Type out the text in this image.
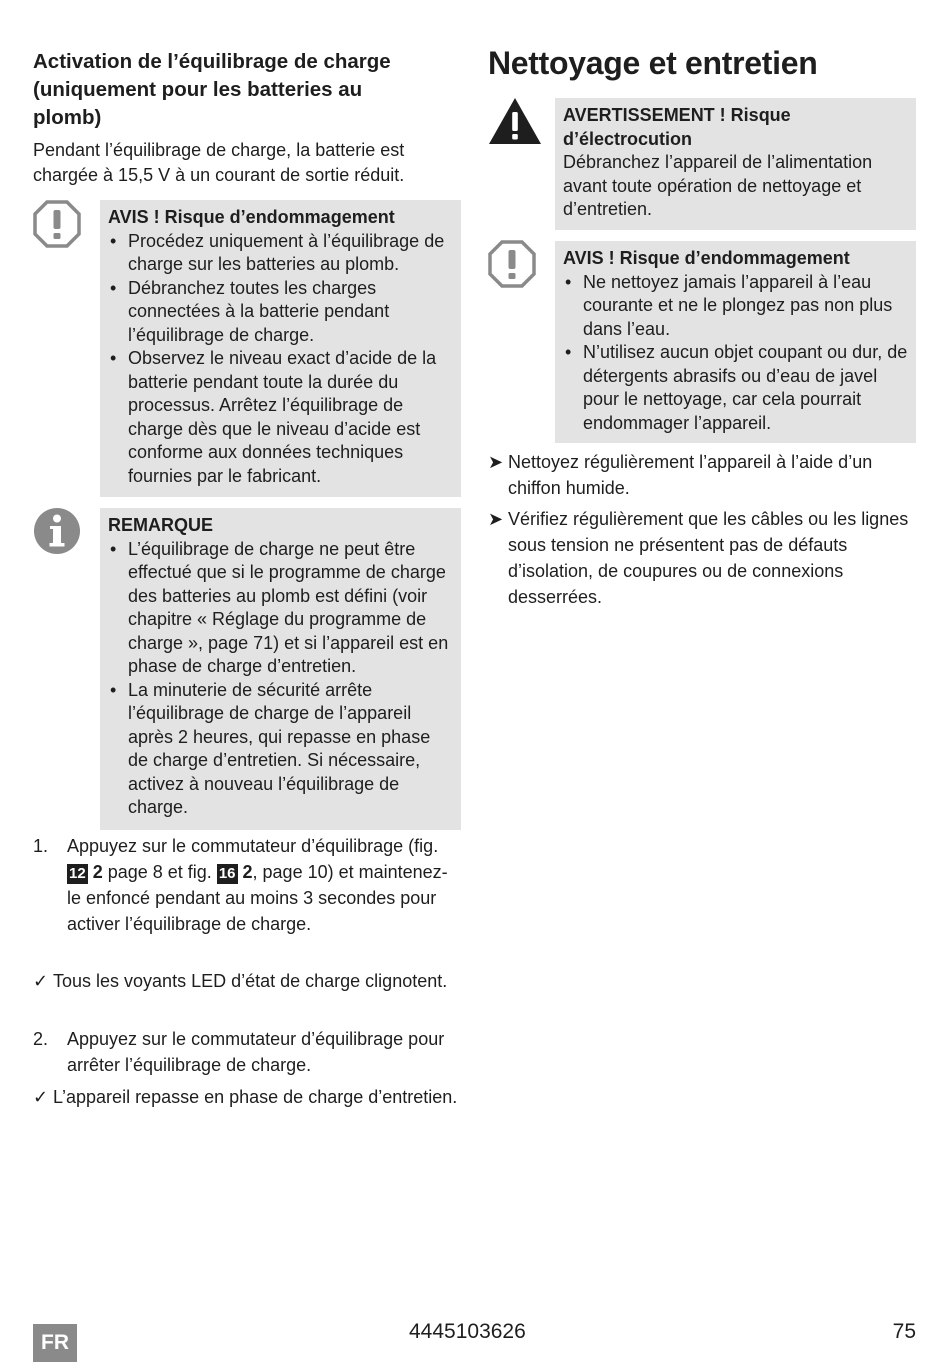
Activation de l’équilibrage de charge
(uniquement pour les batteries au
plomb)

Pendant l’équilibrage de charge, la batterie est chargée à 15,5 V à un courant de sortie réduit.

AVIS ! Risque d’endommagement
• Procédez uniquement à l’équilibrage de charge sur les batteries au plomb.
• Débranchez toutes les charges connectées à la batterie pendant l’équilibrage de charge.
• Observez le niveau exact d’acide de la batterie pendant toute la durée du processus. Arrêtez l’équilibrage de charge dès que le niveau d’acide est conforme aux données techniques fournies par le fabricant.
REMARQUE
• L’équilibrage de charge ne peut être effectué que si le programme de charge des batteries au plomb est défini (voir chapitre « Réglage du programme de charge », page 71) et si l’appareil est en phase de charge d’entretien.
• La minuterie de sécurité arrête l’équilibrage de charge de l’appareil après 2 heures, qui repasse en phase de charge d’entretien. Si nécessaire, activez à nouveau l’équilibrage de charge.
1. Appuyez sur le commutateur d’équilibrage (fig. 12 2 page 8 et fig. 16 2, page 10) et maintenez-le enfoncé pendant au moins 3 secondes pour activer l’équilibrage de charge.
✓ Tous les voyants LED d’état de charge clignotent.
2. Appuyez sur le commutateur d’équilibrage pour arrêter l’équilibrage de charge.
✓ L’appareil repasse en phase de charge d’entretien.
Nettoyage et entretien
AVERTISSEMENT ! Risque d’électrocution
Débranchez l’appareil de l’alimentation avant toute opération de nettoyage et d’entretien.
AVIS ! Risque d’endommagement
• Ne nettoyez jamais l’appareil à l’eau courante et ne le plongez pas non plus dans l’eau.
• N’utilisez aucun objet coupant ou dur, de détergents abrasifs ou d’eau de javel pour le nettoyage, car cela pourrait endommager l’appareil.
➤ Nettoyez régulièrement l’appareil à l’aide d’un chiffon humide.
➤ Vérifiez régulièrement que les câbles ou les lignes sous tension ne présentent pas de défauts d’isolation, de coupures ou de connexions desserrées.
FR	4445103626	75
